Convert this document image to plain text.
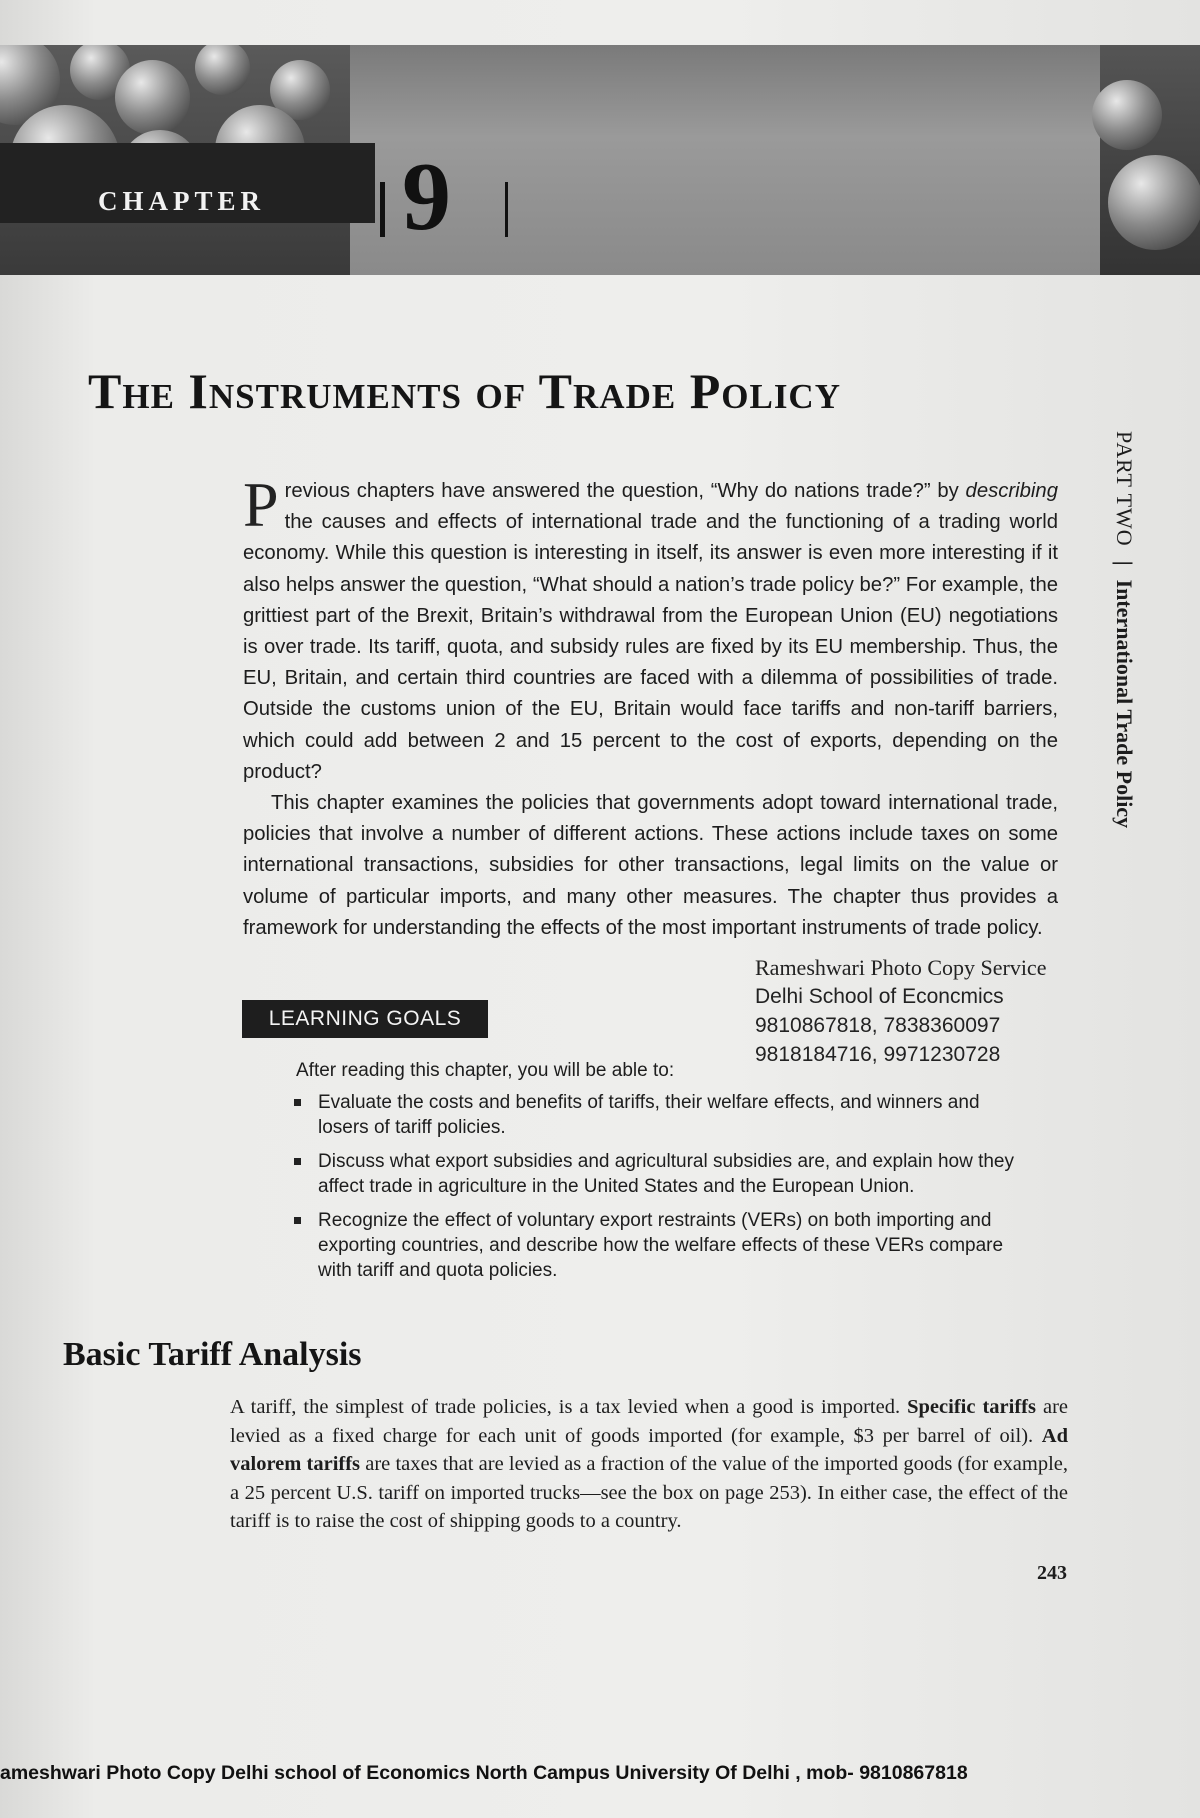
CHAPTER 9
The Instruments of Trade Policy
PART TWO|International Trade Policy

Previous chapters have answered the question, “Why do nations trade?” by describing the causes and effects of international trade and the functioning of a trading world economy. While this question is interesting in itself, its answer is even more interesting if it also helps answer the question, “What should a nation’s trade policy be?” For example, the grittiest part of the Brexit, Britain’s withdrawal from the European Union (EU) negotiations is over trade. Its tariff, quota, and subsidy rules are fixed by its EU membership. Thus, the EU, Britain, and certain third countries are faced with a dilemma of possibilities of trade. Outside the customs union of the EU, Britain would face tariffs and non-tariff barriers, which could add between 2 and 15 percent to the cost of exports, depending on the product?

This chapter examines the policies that governments adopt toward international trade, policies that involve a number of different actions. These actions include taxes on some international transactions, subsidies for other transactions, legal limits on the value or volume of particular imports, and many other measures. The chapter thus provides a framework for understanding the effects of the most important instruments of trade policy.

Rameshwari Photo Copy Service
Delhi School of Econcmics
9810867818, 7838360097
9818184716, 9971230728
LEARNING GOALS
After reading this chapter, you will be able to:
Evaluate the costs and benefits of tariffs, their welfare effects, and winners and losers of tariff policies.
Discuss what export subsidies and agricultural subsidies are, and explain how they affect trade in agriculture in the United States and the European Union.
Recognize the effect of voluntary export restraints (VERs) on both importing and exporting countries, and describe how the welfare effects of these VERs compare with tariff and quota policies.
Basic Tariff Analysis
A tariff, the simplest of trade policies, is a tax levied when a good is imported. Specific tariffs are levied as a fixed charge for each unit of goods imported (for example, $3 per barrel of oil). Ad valorem tariffs are taxes that are levied as a fraction of the value of the imported goods (for example, a 25 percent U.S. tariff on imported trucks—see the box on page 253). In either case, the effect of the tariff is to raise the cost of shipping goods to a country.
243
ameshwari Photo Copy Delhi school of Economics North Campus University Of Delhi , mob- 9810867818
